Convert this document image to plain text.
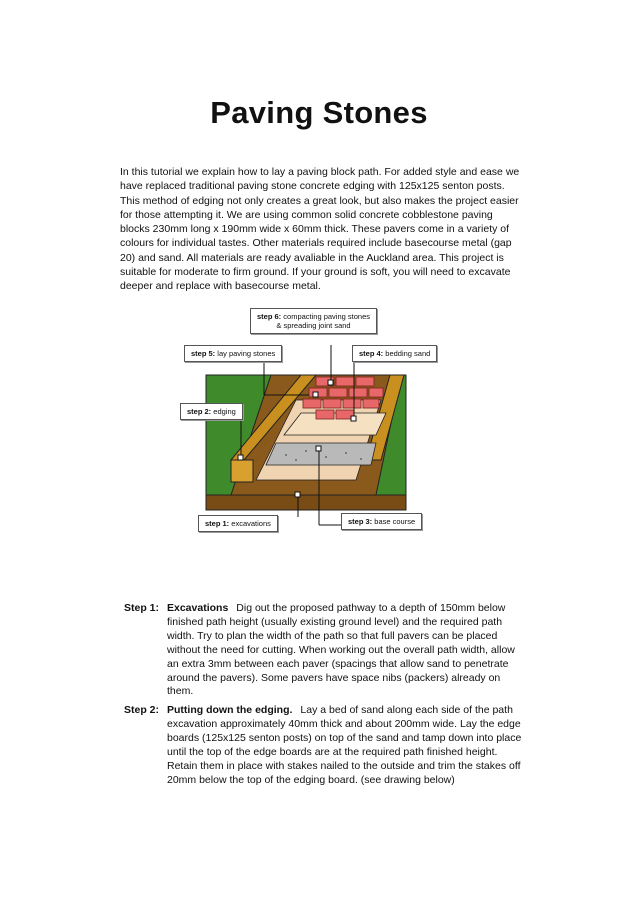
Paving Stones

In this tutorial we explain how to lay a paving block path. For added style and ease we have replaced traditional paving stone concrete edging with 125x125 senton posts. This method of edging not only creates a great look, but also makes the project easier for those attempting it. We are using common solid concrete cobblestone paving blocks 230mm long x 190mm wide x 60mm thick. These pavers come in a variety of colours for individual tastes. Other materials required include basecourse metal (gap 20) and sand. All materials are ready avaliable in the Auckland area. This project is suitable for moderate to firm ground. If your ground is soft, you will need to excavate deeper and replace with basecourse metal.

step 6: compacting paving stones
& spreading joint sand
step 5: lay paving stones	step 4: bedding sand
step 2: edging
step 1: excavations	step 3: base course
Step 1: Excavations Dig out the proposed pathway to a depth of 150mm below finished path height (usually existing ground level) and the required path width. Try to plan the width of the path so that full pavers can be placed without the need for cutting. When working out the overall path width, allow an extra 3mm between each paver (spacings that allow sand to penetrate around the pavers). Some pavers have space nibs (packers) already on them.
Step 2: Putting down the edging. Lay a bed of sand along each side of the path excavation approximately 40mm thick and about 200mm wide. Lay the edge boards (125x125 senton posts) on top of the sand and tamp down into place until the top of the edge boards are at the required path finished height. Retain them in place with stakes nailed to the outside and trim the stakes off 20mm below the top of the edging board. (see drawing below)
